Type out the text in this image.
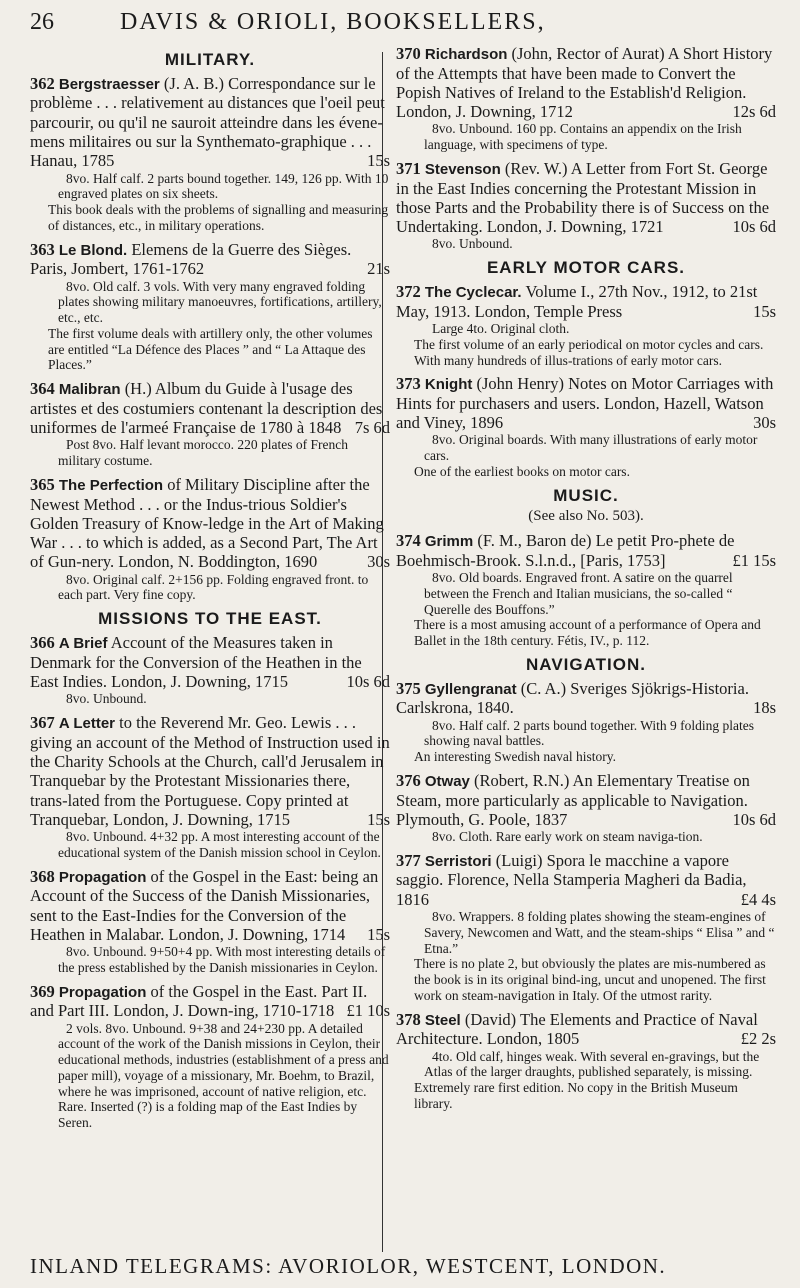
26	DAVIS & ORIOLI, BOOKSELLERS,
MILITARY.
362 Bergstraesser (J. A. B.) Correspondance sur le problème . . . relativement au distances que l'oeil peut parcourir, ou qu'il ne sauroit atteindre dans les évene-mens militaires ou sur la Synthemato-graphique . . . Hanau, 1785	15s
8vo. Half calf. 2 parts bound together. 149, 126 pp. With 10 engraved plates on six sheets.
This book deals with the problems of signalling and measuring of distances, etc., in military operations.
363 Le Blond. Elemens de la Guerre des Sièges. Paris, Jombert, 1761-1762	21s
8vo. Old calf. 3 vols. With very many engraved folding plates showing military manoeuvres, fortifications, artillery, etc., etc.
The first volume deals with artillery only, the other volumes are entitled “La Défence des Places ” and “ La Attaque des Places.”
364 Malibran (H.) Album du Guide à l'usage des artistes et des costumiers contenant la description des uniformes de l'armeé Française de 1780 à 1848 7s 6d
Post 8vo. Half levant morocco. 220 plates of French military costume.
365 The Perfection of Military Discipline after the Newest Method . . . or the Indus-trious Soldier's Golden Treasury of Know-ledge in the Art of Making War . . . to which is added, as a Second Part, The Art of Gun-nery. London, N. Boddington, 1690	30s
8vo. Original calf. 2+156 pp. Folding engraved front. to each part. Very fine copy.
MISSIONS TO THE EAST.
366 A Brief Account of the Measures taken in Denmark for the Conversion of the Heathen in the East Indies. London, J. Downing, 1715	10s 6d
8vo. Unbound.
367 A Letter to the Reverend Mr. Geo. Lewis . . . giving an account of the Method of Instruction used in the Charity Schools at the Church, call'd Jerusalem in Tranquebar by the Protestant Missionaries there, trans-lated from the Portuguese. Copy printed at Tranquebar, London, J. Downing, 1715	15s
8vo. Unbound. 4+32 pp. A most interesting account of the educational system of the Danish mission school in Ceylon.
368 Propagation of the Gospel in the East: being an Account of the Success of the Danish Missionaries, sent to the East-Indies for the Conversion of the Heathen in Malabar. London, J. Downing, 1714 15s
8vo. Unbound. 9+50+4 pp. With most interesting details of the press established by the Danish missionaries in Ceylon.
369 Propagation of the Gospel in the East. Part II. and Part III. London, J. Down-ing, 1710-1718 £1 10s
2 vols. 8vo. Unbound. 9+38 and 24+230 pp. A detailed account of the work of the Danish missions in Ceylon, their educational methods, industries (establishment of a press and paper mill), voyage of a missionary, Mr. Boehm, to Brazil, where he was imprisoned, account of native religion, etc. Rare. Inserted (?) is a folding map of the East Indies by Seren.
370 Richardson (John, Rector of Aurat) A Short History of the Attempts that have been made to Convert the Popish Natives of Ireland to the Establish'd Religion. London, J. Downing, 1712	12s 6d
8vo. Unbound. 160 pp. Contains an appendix on the Irish language, with specimens of type.
371 Stevenson (Rev. W.) A Letter from Fort St. George in the East Indies concerning the Protestant Mission in those Parts and the Probability there is of Success on the Undertaking. London, J. Downing, 1721	10s 6d
8vo. Unbound.
EARLY MOTOR CARS.
372 The Cyclecar. Volume I., 27th Nov., 1912, to 21st May, 1913. London, Temple Press	15s
Large 4to. Original cloth.
The first volume of an early periodical on motor cycles and cars. With many hundreds of illus-trations of early motor cars.
373 Knight (John Henry) Notes on Motor Carriages with Hints for purchasers and users. London, Hazell, Watson and Viney, 1896	30s
8vo. Original boards. With many illustrations of early motor cars.
One of the earliest books on motor cars.
MUSIC.
(See also No. 503).
374 Grimm (F. M., Baron de) Le petit Pro-phete de Boehmisch-Brook. S.l.n.d., [Paris, 1753]	£1 15s
8vo. Old boards. Engraved front. A satire on the quarrel between the French and Italian musicians, the so-called “ Querelle des Bouffons.”
There is a most amusing account of a performance of Opera and Ballet in the 18th century. Fétis, IV., p. 112.
NAVIGATION.
375 Gyllengranat (C. A.) Sveriges Sjökrigs-Historia. Carlskrona, 1840.	18s
8vo. Half calf. 2 parts bound together. With 9 folding plates showing naval battles.
An interesting Swedish naval history.
376 Otway (Robert, R.N.) An Elementary Treatise on Steam, more particularly as applicable to Navigation. Plymouth, G. Poole, 1837	10s 6d
8vo. Cloth. Rare early work on steam naviga-tion.
377 Serristori (Luigi) Spora le macchine a vapore saggio. Florence, Nella Stamperia Magheri da Badia, 1816	£4 4s
8vo. Wrappers. 8 folding plates showing the steam-engines of Savery, Newcomen and Watt, and the steam-ships “ Elisa ” and “ Etna.”
There is no plate 2, but obviously the plates are mis-numbered as the book is in its original bind-ing, uncut and unopened. The first work on steam-navigation in Italy. Of the utmost rarity.
378 Steel (David) The Elements and Practice of Naval Architecture. London, 1805	£2 2s
4to. Old calf, hinges weak. With several en-gravings, but the Atlas of the larger draughts, published separately, is missing.
Extremely rare first edition. No copy in the British Museum library.
INLAND TELEGRAMS: AVORIOLOR, WESTCENT, LONDON.
